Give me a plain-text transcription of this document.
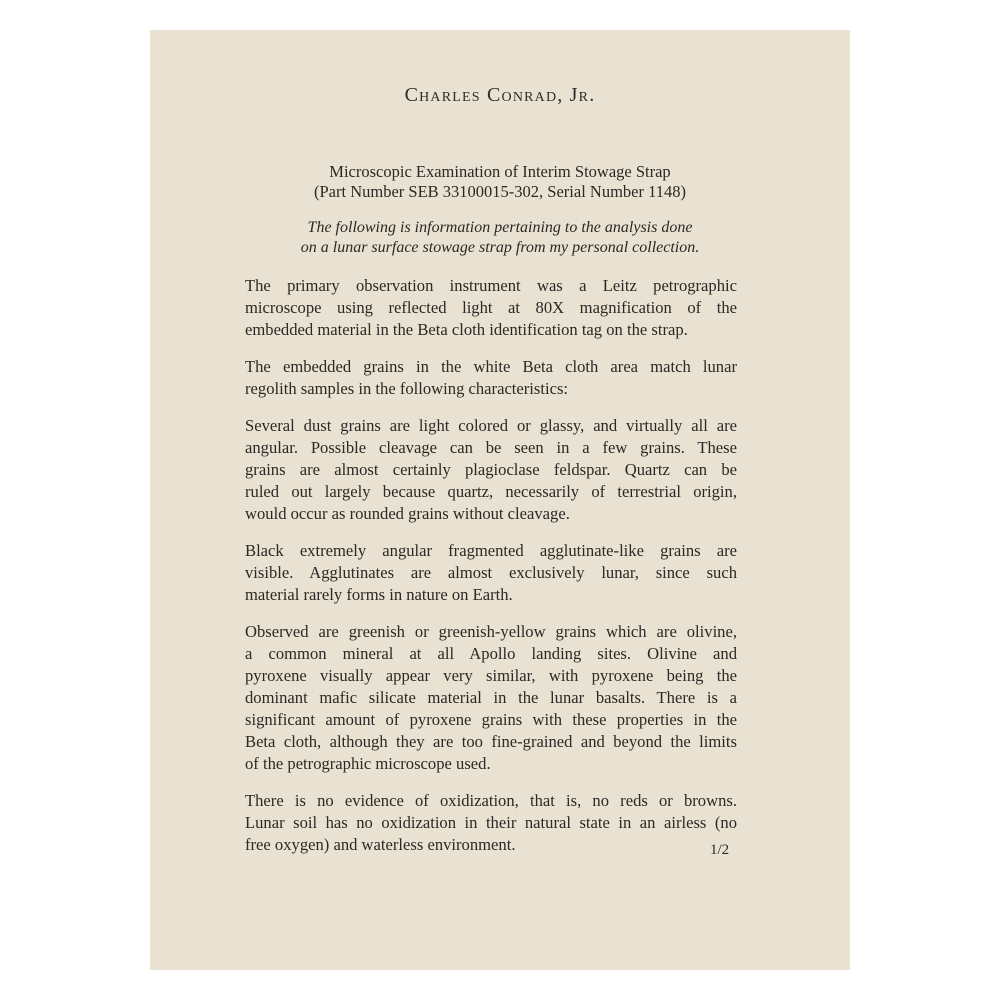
Charles Conrad, Jr.
Microscopic Examination of Interim Stowage Strap
(Part Number SEB 33100015-302, Serial Number 1148)
The following is information pertaining to the analysis done
on a lunar surface stowage strap from my personal collection.
The primary observation instrument was a Leitz petrographic
microscope using reflected light at 80X magnification of the
embedded material in the Beta cloth identification tag on the strap.
The embedded grains in the white Beta cloth area match lunar
regolith samples in the following characteristics:
Several dust grains are light colored or glassy, and virtually all are
angular. Possible cleavage can be seen in a few grains. These
grains are almost certainly plagioclase feldspar. Quartz can be
ruled out largely because quartz, necessarily of terrestrial origin,
would occur as rounded grains without cleavage.
Black extremely angular fragmented agglutinate-like grains are
visible. Agglutinates are almost exclusively lunar, since such
material rarely forms in nature on Earth.
Observed are greenish or greenish-yellow grains which are olivine,
a common mineral at all Apollo landing sites. Olivine and
pyroxene visually appear very similar, with pyroxene being the
dominant mafic silicate material in the lunar basalts. There is a
significant amount of pyroxene grains with these properties in the
Beta cloth, although they are too fine-grained and beyond the limits
of the petrographic microscope used.
There is no evidence of oxidization, that is, no reds or browns.
Lunar soil has no oxidization in their natural state in an airless (no
free oxygen) and waterless environment.	1/2
